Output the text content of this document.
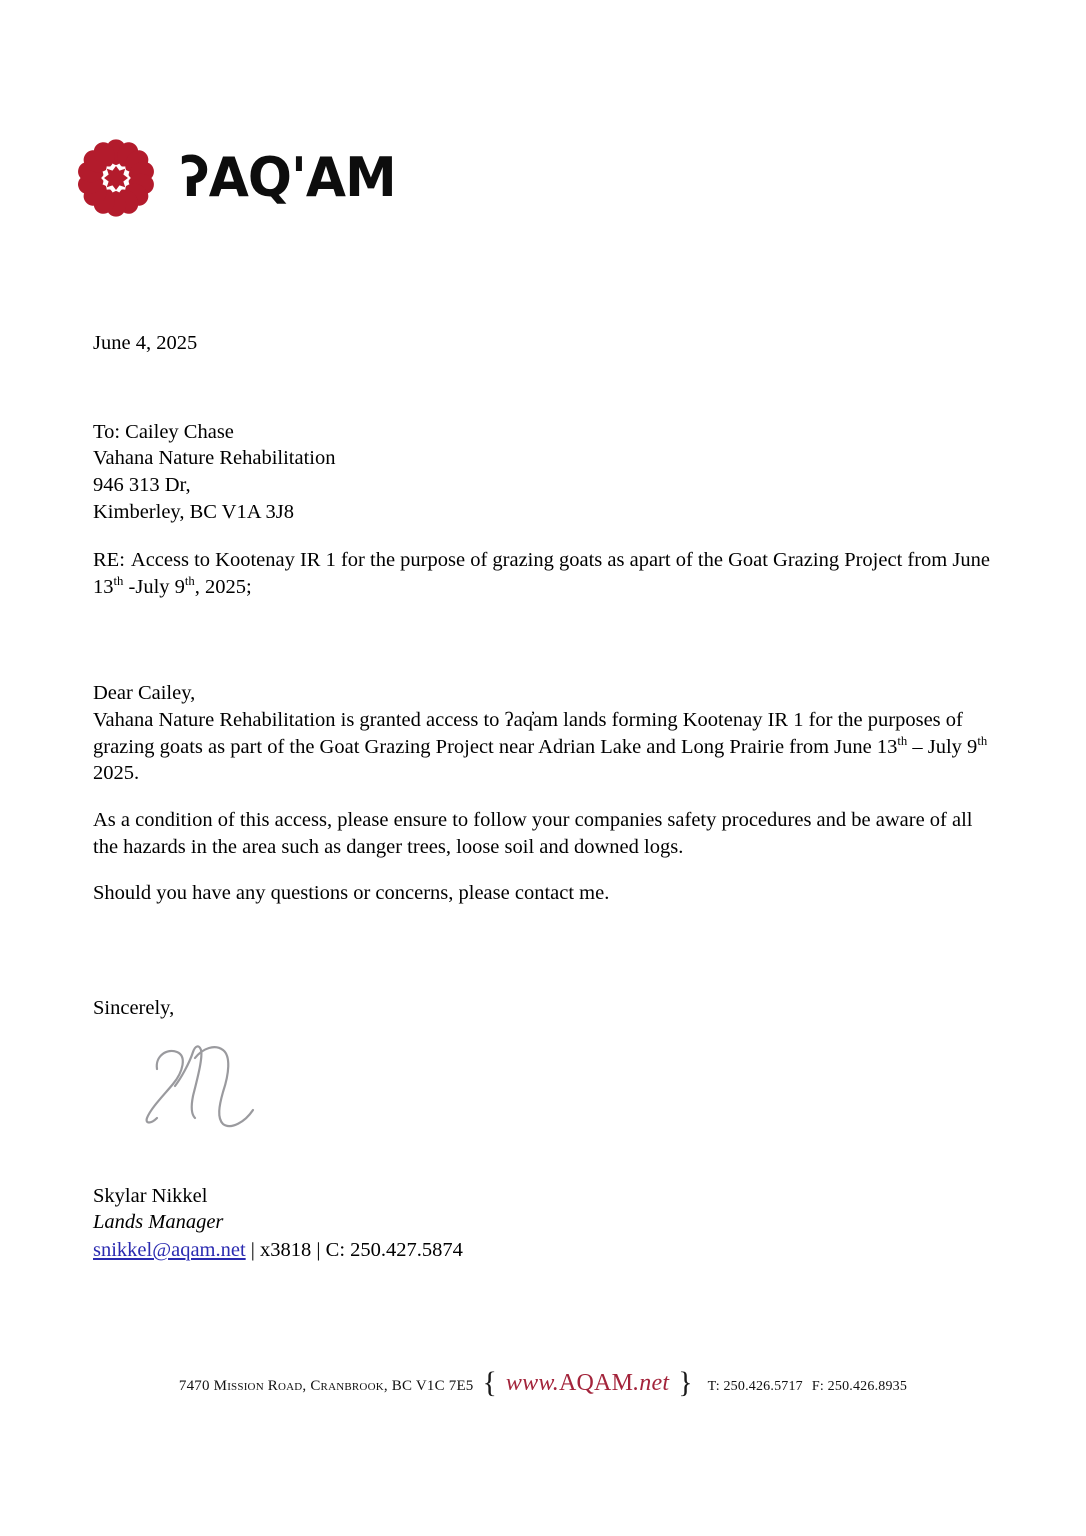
ʔAQ'AM

June 4, 2025

To: Cailey Chase
Vahana Nature Rehabilitation
946 313 Dr,
Kimberley, BC V1A 3J8

RE: Access to Kootenay IR 1 for the purpose of grazing goats as apart of the Goat Grazing Project from June 13th -July 9th, 2025;

Dear Cailey,

Vahana Nature Rehabilitation is granted access to ʔaq̓am lands forming Kootenay IR 1 for the purposes of grazing goats as part of the Goat Grazing Project near Adrian Lake and Long Prairie from June 13th – July 9th 2025.

As a condition of this access, please ensure to follow your companies safety procedures and be aware of all the hazards in the area such as danger trees, loose soil and downed logs.

Should you have any questions or concerns, please contact me.

Sincerely,

Skylar Nikkel
Lands Manager
snikkel@aqam.net | x3818 | C: 250.427.5874
7470 Mission Road, Cranbrook, BC V1C 7E5 { www.AQAM.net } T: 250.426.5717 F: 250.426.8935
